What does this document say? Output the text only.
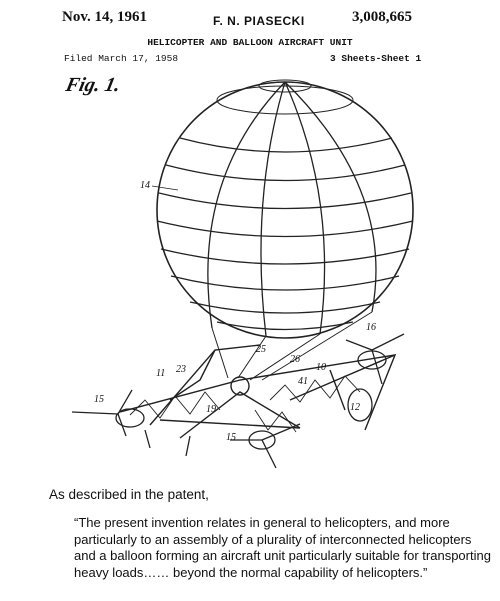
14
16
11 23
26
25
10
41
15
12
19
15
Nov. 14, 1961	F. N. PIASECKI	3,008,665
HELICOPTER AND BALLOON AIRCRAFT UNIT
Filed March 17, 1958	3 Sheets-Sheet 1
Fig. 1.
As described in the patent,
“The present invention relates in general to helicopters, and more particularly to an assembly of a plurality of interconnected helicopters and a balloon forming an aircraft unit particularly suitable for transporting heavy loads…… beyond the normal capability of helicopters.”
